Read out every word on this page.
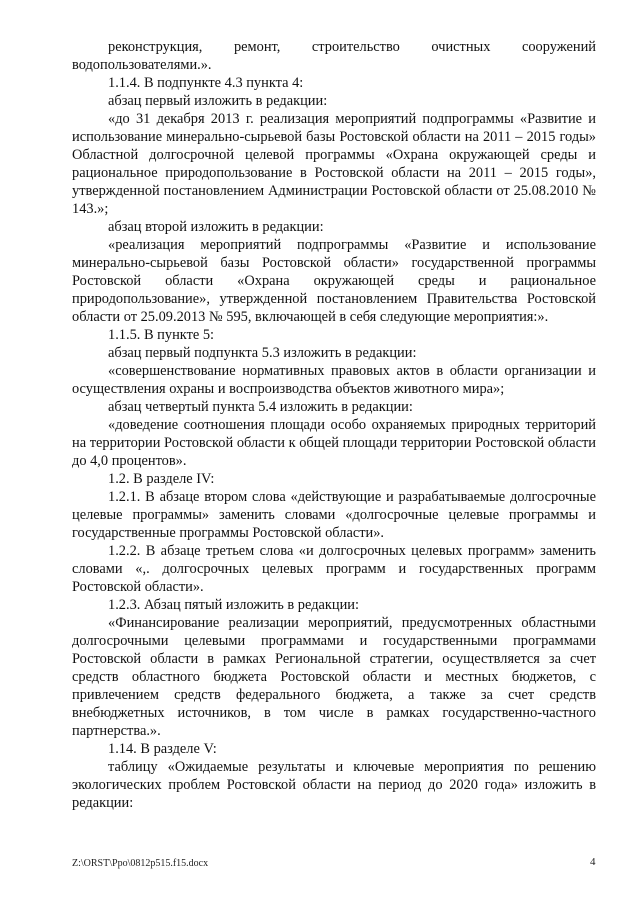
реконструкция, ремонт, строительство очистных сооружений водопользователями.».

1.1.4. В подпункте 4.3 пункта 4:

абзац первый изложить в редакции:

«до 31 декабря 2013 г. реализация мероприятий подпрограммы «Развитие и использование минерально-сырьевой базы Ростовской области на 2011 – 2015 годы» Областной долгосрочной целевой программы «Охрана окружающей среды и рациональное природопользование в Ростовской области на 2011 – 2015 годы», утвержденной постановлением Администрации Ростовской области от 25.08.2010 № 143.»;

абзац второй изложить в редакции:

«реализация мероприятий подпрограммы «Развитие и использование минерально-сырьевой базы Ростовской области» государственной программы Ростовской области «Охрана окружающей среды и рациональное природопользование», утвержденной постановлением Правительства Ростовской области от 25.09.2013 № 595, включающей в себя следующие мероприятия:».

1.1.5. В пункте 5:

абзац первый подпункта 5.3 изложить в редакции:

«совершенствование нормативных правовых актов в области организации и осуществления охраны и воспроизводства объектов животного мира»;

абзац четвертый пункта 5.4 изложить в редакции:

«доведение соотношения площади особо охраняемых природных территорий на территории Ростовской области к общей площади территории Ростовской области до 4,0 процентов».

1.2. В разделе IV:

1.2.1. В абзаце втором слова «действующие и разрабатываемые долгосрочные целевые программы» заменить словами «долгосрочные целевые программы и государственные программы Ростовской области».

1.2.2. В абзаце третьем слова «и долгосрочных целевых программ» заменить словами «,. долгосрочных целевых программ и государственных программ Ростовской области».

1.2.3. Абзац пятый изложить в редакции:

«Финансирование реализации мероприятий, предусмотренных областными долгосрочными целевыми программами и государственными программами Ростовской области в рамках Региональной стратегии, осуществляется за счет средств областного бюджета Ростовской области и местных бюджетов, с привлечением средств федерального бюджета, а также за счет средств внебюджетных источников, в том числе в рамках государственно-частного партнерства.».

1.14. В разделе V:

таблицу «Ожидаемые результаты и ключевые мероприятия по решению экологических проблем Ростовской области на период до 2020 года» изложить в редакции:

Z:\ORST\Ppo\0812p515.f15.docx	4
